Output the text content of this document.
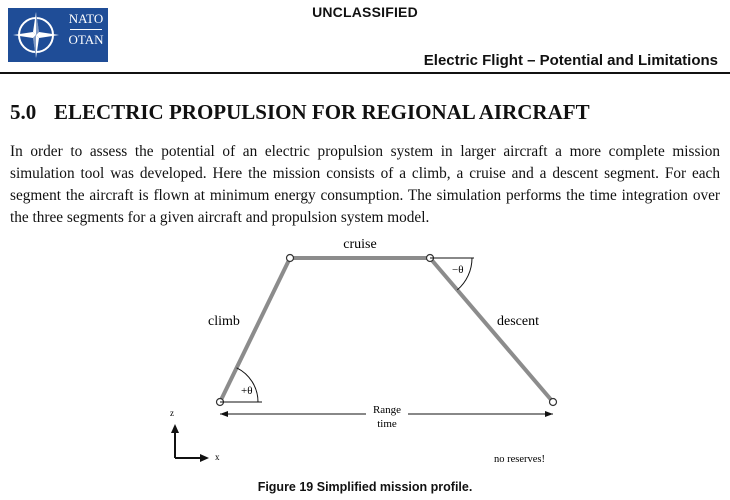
UNCLASSIFIED
NATO
OTAN
Electric Flight – Potential and Limitations
5.0 ELECTRIC PROPULSION FOR REGIONAL AIRCRAFT
In order to assess the potential of an electric propulsion system in larger aircraft a more complete mission simulation tool was developed. Here the mission consists of a climb, a cruise and a descent segment. For each segment the aircraft is flown at minimum energy consumption. The simulation performs the time integration over the three segments for a given aircraft and propulsion system model.
+θ
−θ
cruise
climb	descent
Range
time
z
x	no reserves!
Figure 19 Simplified mission profile.
